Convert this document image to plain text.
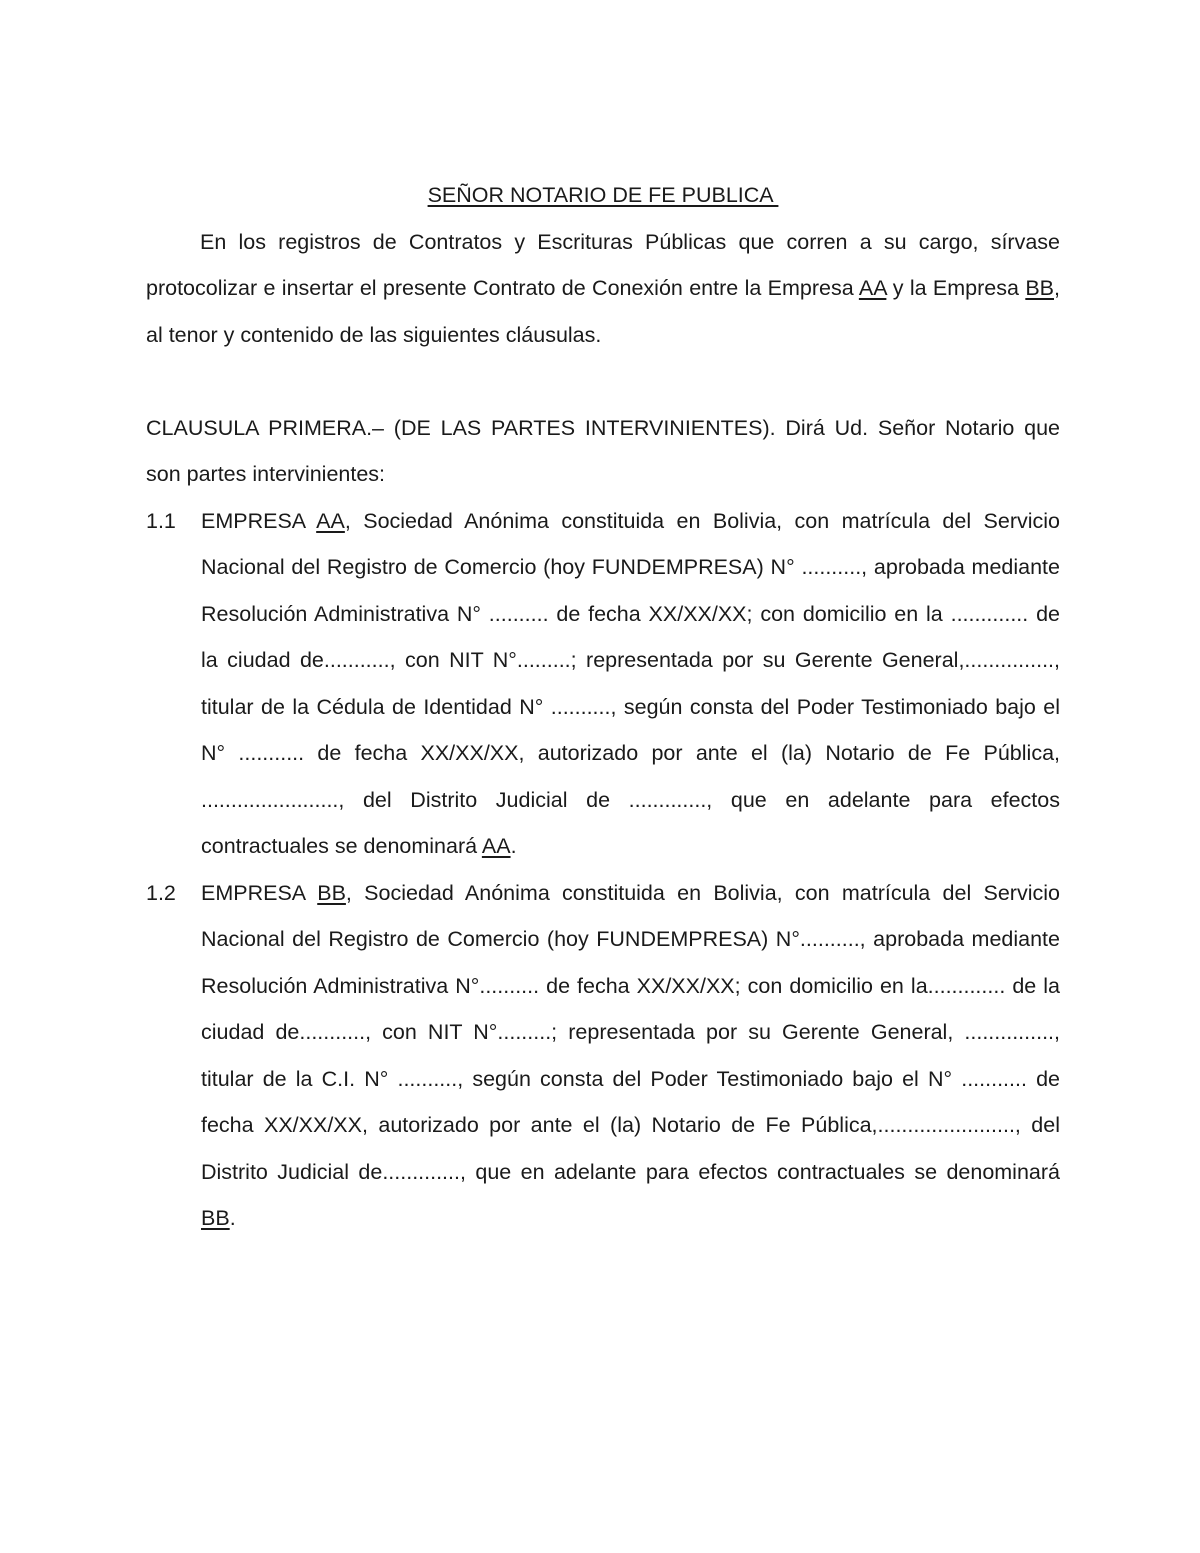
SEÑOR NOTARIO DE FE PUBLICA

En los registros de Contratos y Escrituras Públicas que corren a su cargo, sírvase protocolizar e insertar el presente Contrato de Conexión entre la Empresa AA y la Empresa BB, al tenor y contenido de las siguientes cláusulas.

CLAUSULA PRIMERA.– (DE LAS PARTES INTERVINIENTES). Dirá Ud. Señor Notario que son partes intervinientes:

1.1 EMPRESA AA, Sociedad Anónima constituida en Bolivia, con matrícula del Servicio Nacional del Registro de Comercio (hoy FUNDEMPRESA) N° .........., aprobada mediante Resolución Administrativa N° .......... de fecha XX/XX/XX; con domicilio en la ............. de la ciudad de..........., con NIT N°.........; representada por su Gerente General,..............., titular de la Cédula de Identidad N° .........., según consta del Poder Testimoniado bajo el N° ........... de fecha XX/XX/XX, autorizado por ante el (la) Notario de Fe Pública, ......................., del Distrito Judicial de ............., que en adelante para efectos contractuales se denominará AA.
1.2 EMPRESA BB, Sociedad Anónima constituida en Bolivia, con matrícula del Servicio Nacional del Registro de Comercio (hoy FUNDEMPRESA) N°.........., aprobada mediante Resolución Administrativa N°.......... de fecha XX/XX/XX; con domicilio en la............. de la ciudad de..........., con NIT N°.........; representada por su Gerente General, ..............., titular de la C.I. N° .........., según consta del Poder Testimoniado bajo el N° ........... de fecha XX/XX/XX, autorizado por ante el (la) Notario de Fe Pública,......................., del Distrito Judicial de............., que en adelante para efectos contractuales se denominará BB.
